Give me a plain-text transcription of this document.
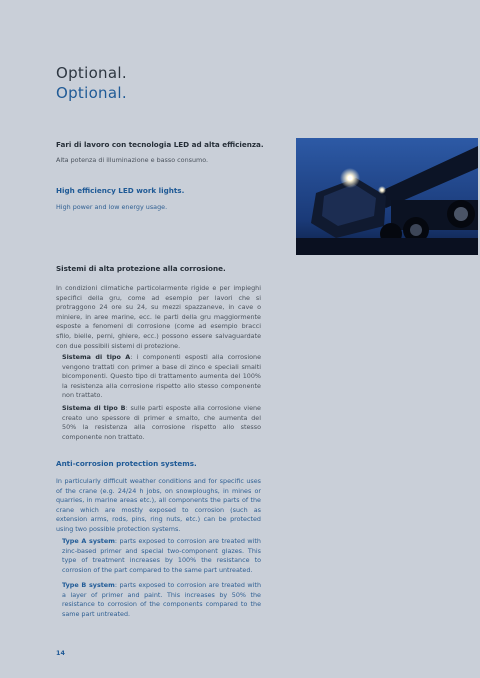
Optional.
Optional.
Fari di lavoro con tecnologia LED ad alta efficienza.
Alta potenza di illuminazione e basso consumo.
High efficiency LED work lights.
High power and low energy usage.
Sistemi di alta protezione alla corrosione.
In condizioni climatiche particolarmente rigide e per impieghi specifici della gru, come ad esempio per lavori che si protraggono 24 ore su 24, su mezzi spazzaneve, in cave o miniere, in aree marine, ecc. le parti della gru maggiormente esposte a fenomeni di corrosione (come ad esempio bracci sfilo, bielle, perni, ghiere, ecc.) possono essere salvaguardate con due possibili sistemi di protezione.
Sistema di tipo A: i componenti esposti alla corrosione vengono trattati con primer a base di zinco e speciali smalti bicomponenti. Questo tipo di trattamento aumenta del 100% la resistenza alla corrosione rispetto allo stesso componente non trattato.
Sistema di tipo B: sulle parti esposte alla corrosione viene creato uno spessore di primer e smalto, che aumenta del 50% la resistenza alla corrosione rispetto allo stesso componente non trattato.
Anti-corrosion protection systems.
In particularly difficult weather conditions and for specific uses of the crane (e.g. 24/24 h jobs, on snowploughs, in mines or quarries, in marine areas etc.), all components the parts of the crane which are mostly exposed to corrosion (such as extension arms, rods, pins, ring nuts, etc.) can be protected using two possible protection systems.
Type A system: parts exposed to corrosion are treated with zinc-based primer and special two-component glazes. This type of treatment increases by 100% the resistance to corrosion of the part compared to the same part untreated.
Type B system: parts exposed to corrosion are treated with a layer of primer and paint. This increases by 50% the resistance to corrosion of the components compared to the same part untreated.
14
